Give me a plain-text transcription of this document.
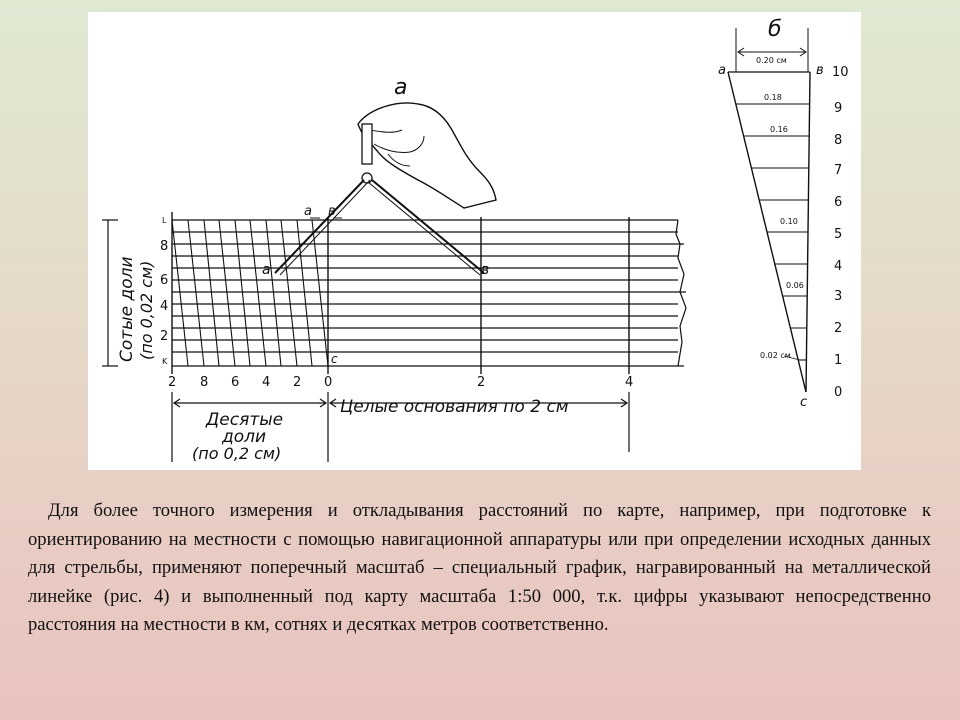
Сотые доли (по 0,02 см)
L
8
6
4
2
K
2 8 6 4 2 0	2	4
Десятые
доли
(по 0,2 см)
Целые основания по 2 см
а
а в
а	в
с
б
0.20 см
0.18
0.16
0.10
0.06
0.02 см
а	в
с
10
9
8
7
6
5
4
3
2
1
0
Для более точного измерения и откладывания расстояний по карте, например, при подготовке к ориентированию на местности с помощью навигационной аппаратуры или при определении исходных данных для стрельбы, применяют поперечный масштаб – специальный график, награвированный на металлической линейке (рис. 4) и выполненный под карту масштаба 1:50 000, т.к. цифры указывают непосредственно расстояния на местности в км, сотнях и десятках метров соответственно.
